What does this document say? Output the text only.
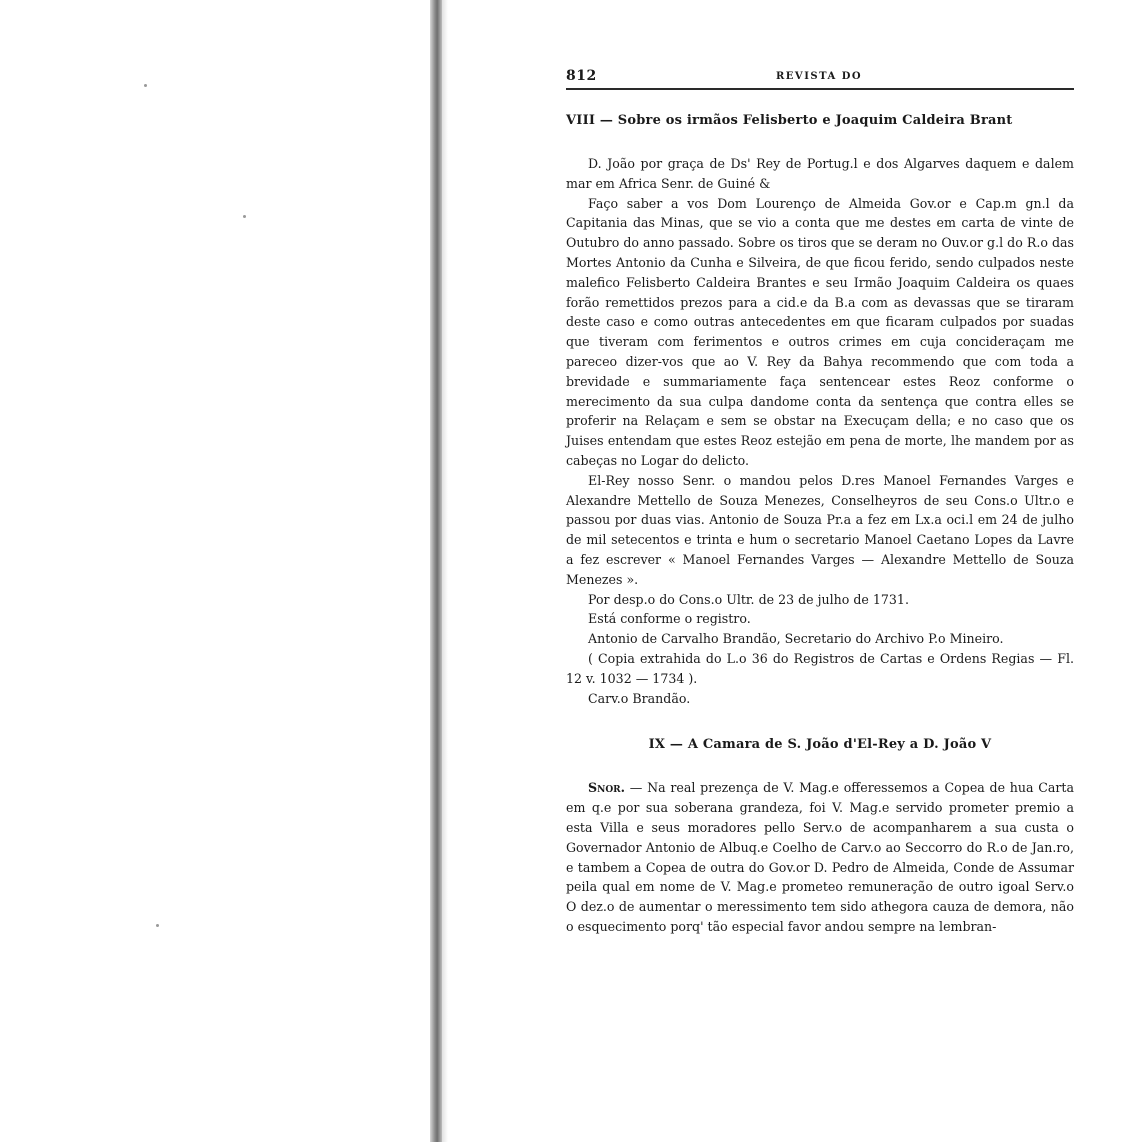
812	REVISTA DO
VIII — Sobre os irmãos Felisberto e Joaquim Caldeira Brant

D. João por graça de Ds' Rey de Portug.l e dos Algarves daquem e dalem mar em Africa Senr. de Guiné &

Faço saber a vos Dom Lourenço de Almeida Gov.or e Cap.m gn.l da Capitania das Minas, que se vio a conta que me destes em carta de vinte de Outubro do anno passado. Sobre os tiros que se deram no Ouv.or g.l do R.o das Mortes Antonio da Cunha e Silveira, de que ficou ferido, sendo culpados neste malefico Felisberto Caldeira Brantes e seu Irmão Joaquim Caldeira os quaes forão remettidos prezos para a cid.e da B.a com as devassas que se tiraram deste caso e como outras antecedentes em que ficaram culpados por suadas que tiveram com ferimentos e outros crimes em cuja concideraçam me pareceo dizer-vos que ao V. Rey da Bahya recommendo que com toda a brevidade e summariamente faça sentencear estes Reoz conforme o merecimento da sua culpa dandome conta da sentença que contra elles se proferir na Relaçam e sem se obstar na Execuçam della; e no caso que os Juises entendam que estes Reoz estejão em pena de morte, lhe mandem por as cabeças no Logar do delicto.

El-Rey nosso Senr. o mandou pelos D.res Manoel Fernandes Varges e Alexandre Mettello de Souza Menezes, Conselheyros de seu Cons.o Ultr.o e passou por duas vias. Antonio de Souza Pr.a a fez em Lx.a oci.l em 24 de julho de mil setecentos e trinta e hum o secretario Manoel Caetano Lopes da Lavre a fez escrever « Manoel Fernandes Varges — Alexandre Mettello de Souza Menezes ».

Por desp.o do Cons.o Ultr. de 23 de julho de 1731.

Está conforme o registro.

Antonio de Carvalho Brandão, Secretario do Archivo P.o Mineiro.

( Copia extrahida do L.o 36 do Registros de Cartas e Ordens Regias — Fl. 12 v. 1032 — 1734 ).

Carv.o Brandão.

IX — A Camara de S. João d'El-Rey a D. João V

Snor. — Na real prezença de V. Mag.e offeressemos a Copea de hua Carta em q.e por sua soberana grandeza, foi V. Mag.e servido prometer premio a esta Villa e seus moradores pello Serv.o de acompanharem a sua custa o Governador Antonio de Albuq.e Coelho de Carv.o ao Seccorro do R.o de Jan.ro, e tambem a Copea de outra do Gov.or D. Pedro de Almeida, Conde de Assumar peila qual em nome de V. Mag.e prometeo remuneração de outro igoal Serv.o O dez.o de aumentar o meressimento tem sido athegora cauza de demora, não o esquecimento porq' tão especial favor andou sempre na lembran-
